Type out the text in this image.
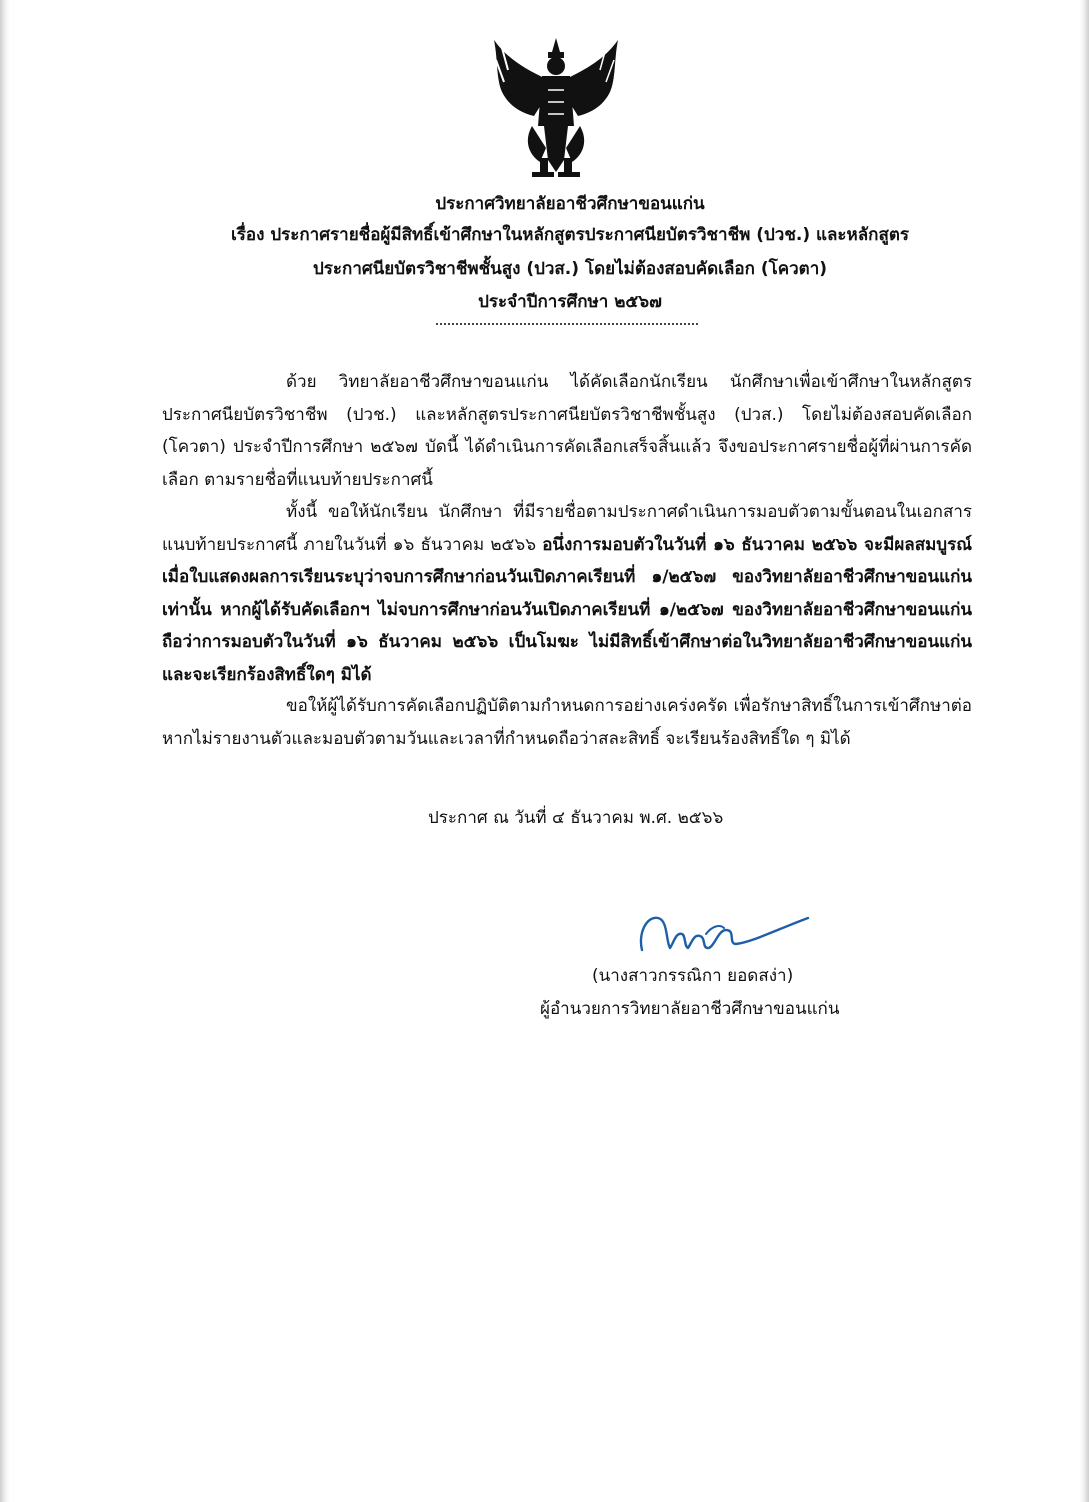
ประกาศวิทยาลัยอาชีวศึกษาขอนแก่น
เรื่อง ประกาศรายชื่อผู้มีสิทธิ์เข้าศึกษาในหลักสูตรประกาศนียบัตรวิชาชีพ (ปวช.) และหลักสูตร
ประกาศนียบัตรวิชาชีพชั้นสูง (ปวส.) โดยไม่ต้องสอบคัดเลือก (โควตา)
ประจำปีการศึกษา ๒๕๖๗
ด้วย วิทยาลัยอาชีวศึกษาขอนแก่น ได้คัดเลือกนักเรียน นักศึกษาเพื่อเข้าศึกษาในหลักสูตรประกาศนียบัตรวิชาชีพ (ปวช.) และหลักสูตรประกาศนียบัตรวิชาชีพชั้นสูง (ปวส.) โดยไม่ต้องสอบคัดเลือก (โควตา) ประจำปีการศึกษา ๒๕๖๗ บัดนี้ ได้ดำเนินการคัดเลือกเสร็จสิ้นแล้ว จึงขอประกาศรายชื่อผู้ที่ผ่านการคัดเลือก ตามรายชื่อที่แนบท้ายประกาศนี้
ทั้งนี้ ขอให้นักเรียน นักศึกษา ที่มีรายชื่อตามประกาศดำเนินการมอบตัวตามขั้นตอนในเอกสารแนบท้ายประกาศนี้ ภายในวันที่ ๑๖ ธันวาคม ๒๕๖๖ อนึ่งการมอบตัวในวันที่ ๑๖ ธันวาคม ๒๕๖๖ จะมีผลสมบูรณ์ เมื่อใบแสดงผลการเรียนระบุว่าจบการศึกษาก่อนวันเปิดภาคเรียนที่ ๑/๒๕๖๗ ของวิทยาลัยอาชีวศึกษาขอนแก่น เท่านั้น หากผู้ได้รับคัดเลือกฯ ไม่จบการศึกษาก่อนวันเปิดภาคเรียนที่ ๑/๒๕๖๗ ของวิทยาลัยอาชีวศึกษาขอนแก่น ถือว่าการมอบตัวในวันที่ ๑๖ ธันวาคม ๒๕๖๖ เป็นโมฆะ ไม่มีสิทธิ์เข้าศึกษาต่อในวิทยาลัยอาชีวศึกษาขอนแก่น และจะเรียกร้องสิทธิ์ใดๆ มิได้
ขอให้ผู้ได้รับการคัดเลือกปฏิบัติตามกำหนดการอย่างเคร่งครัด เพื่อรักษาสิทธิ์ในการเข้าศึกษาต่อ หากไม่รายงานตัวและมอบตัวตามวันและเวลาที่กำหนดถือว่าสละสิทธิ์ จะเรียนร้องสิทธิ์ใด ๆ มิได้
ประกาศ ณ วันที่ ๔ ธันวาคม พ.ศ. ๒๕๖๖
(นางสาวกรรณิกา ยอดสง่า)
ผู้อำนวยการวิทยาลัยอาชีวศึกษาขอนแก่น
